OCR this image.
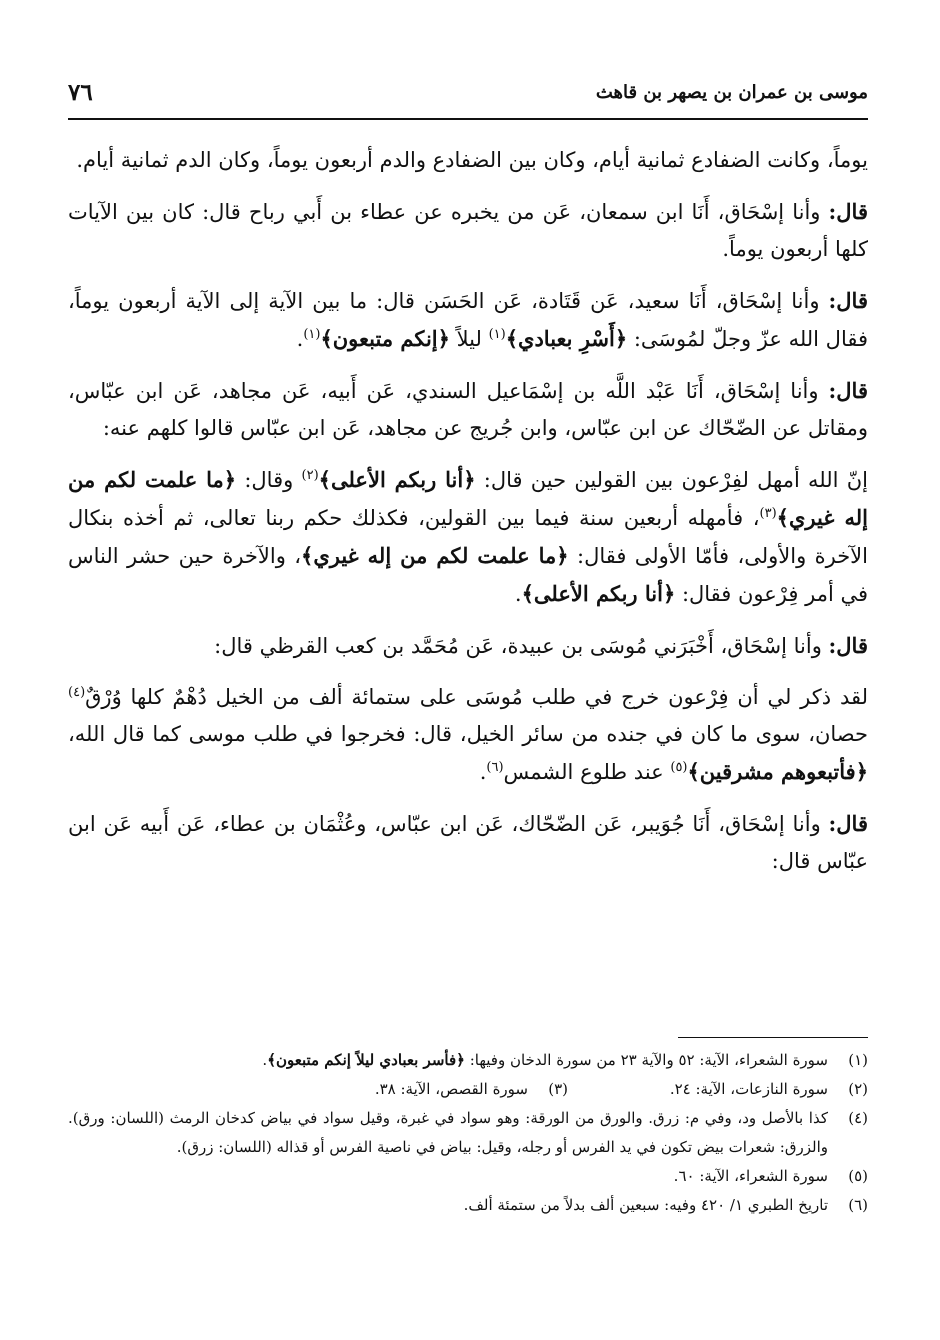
موسى بن عمران بن يصهر بن قاهث
٧٦

يوماً، وكانت الضفادع ثمانية أيام، وكان بين الضفادع والدم أربعون يوماً، وكان الدم ثمانية أيام.

قال: وأنا إسْحَاق، أَنَا ابن سمعان، عَن من يخبره عن عطاء بن أَبي رباح قال: كان بين الآيات كلها أربعون يوماً.

قال: وأنا إسْحَاق، أَنَا سعيد، عَن قَتَادة، عَن الحَسَن قال: ما بين الآية إلى الآية أربعون يوماً، فقال الله عزّ وجلّ لمُوسَى: ﴿أَسْرِ بعبادي﴾$^{(١)}$ ليلاً ﴿إنكم متبعون﴾$^{(١)}$.

قال: وأنا إسْحَاق، أَنَا عَبْد اللَّه بن إسْمَاعيل السندي، عَن أَبيه، عَن مجاهد، عَن ابن عبّاس، ومقاتل عن الضّحّاك عن ابن عبّاس، وابن جُريج عن مجاهد، عَن ابن عبّاس قالوا كلهم عنه:

إنّ الله أمهل لفِرْعون بين القولين حين قال: ﴿أنا ربكم الأعلى﴾$^{(٢)}$ وقال: ﴿ما علمت لكم من إله غيري﴾$^{(٣)}$، فأمهله أربعين سنة فيما بين القولين، فكذلك حكم ربنا تعالى، ثم أخذه بنكال الآخرة والأولى، فأمّا الأولى فقال: ﴿ما علمت لكم من إله غيري﴾، والآخرة حين حشر الناس في أمر فِرْعون فقال: ﴿أنا ربكم الأعلى﴾.

قال: وأنا إسْحَاق، أَخْبَرَني مُوسَى بن عبيدة، عَن مُحَمَّد بن كعب القرظي قال:

لقد ذكر لي أن فِرْعون خرج في طلب مُوسَى على ستمائة ألف من الخيل دُهْمٌ كلها وُرْقٌ$^{(٤)}$ حصان، سوى ما كان في جنده من سائر الخيل، قال: فخرجوا في طلب موسى كما قال الله، ﴿فأتبعوهم مشرقين﴾$^{(٥)}$ عند طلوع الشمس$^{(٦)}$.

قال: وأنا إسْحَاق، أَنَا جُوَيبر، عَن الضّحّاك، عَن ابن عبّاس، وعُثْمَان بن عطاء، عَن أَبيه عَن ابن عبّاس قال:

(١)
سورة الشعراء، الآية: ٥٢ والآية ٢٣ من سورة الدخان وفيها: ﴿فأسر بعبادي ليلاً إنكم متبعون﴾.
(٢)
سورة النازعات، الآية: ٢٤.
(٣)
سورة القصص، الآية: ٣٨.
(٤)
كذا بالأصل ود، وفي م: زرق. والورق من الورقة: وهو سواد في غبرة، وقيل سواد في بياض كدخان الرمث (اللسان: ورق). والزرق: شعرات بيض تكون في يد الفرس أو رجله، وقيل: بياض في ناصية الفرس أو قذاله (اللسان: زرق).
(٥)
سورة الشعراء، الآية: ٦٠.
(٦)
تاريخ الطبري ١/ ٤٢٠ وفيه: سبعين ألف بدلاً من ستمئة ألف.
